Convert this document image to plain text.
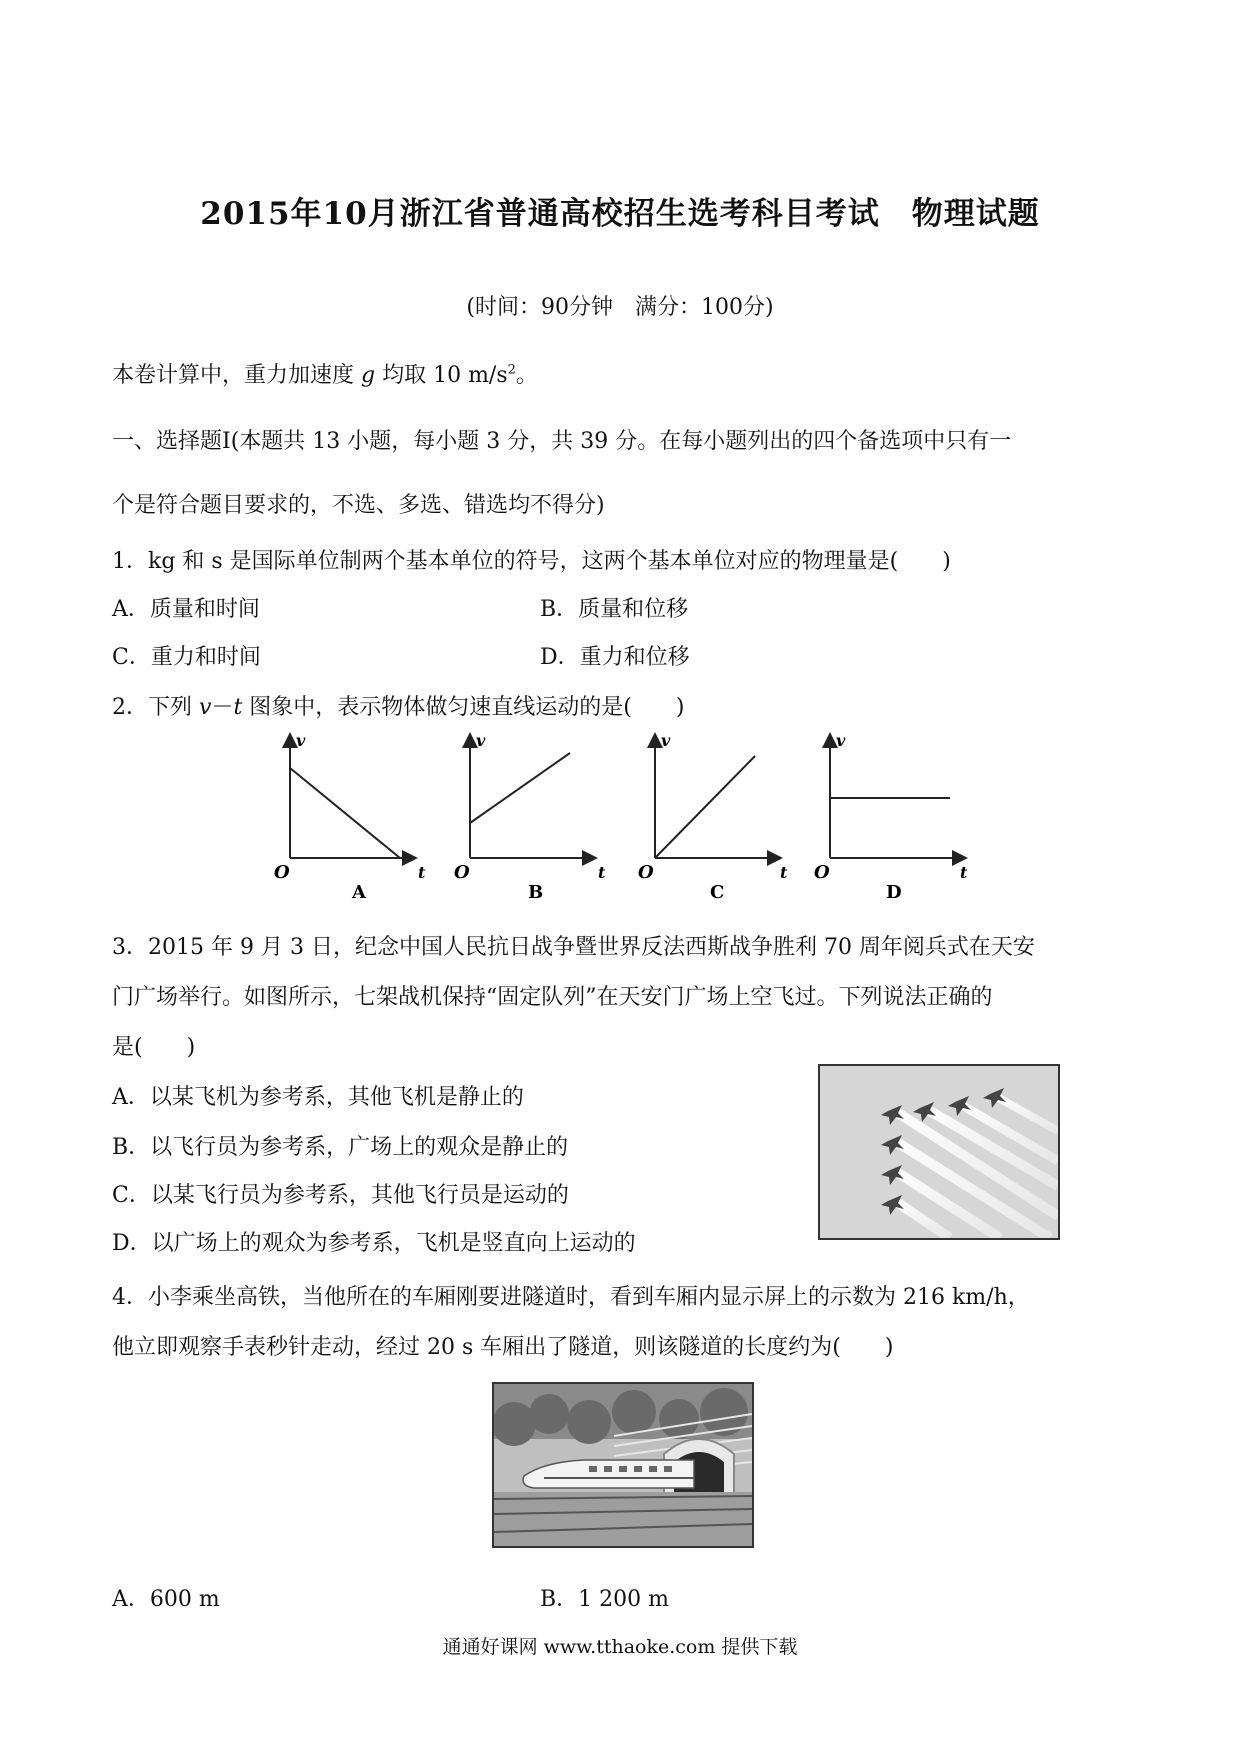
2015年10月浙江省普通高校招生选考科目考试　物理试题
(时间：90分钟　满分：100分)
本卷计算中，重力加速度 g 均取 10 $m/s^2$。
一、选择题Ⅰ(本题共 13 小题，每小题 3 分，共 39 分。在每小题列出的四个备选项中只有一
个是符合题目要求的，不选、多选、错选均不得分)
1．kg 和 s 是国际单位制两个基本单位的符号，这两个基本单位对应的物理量是(　　)
A．质量和时间	B．质量和位移
C．重力和时间	D．重力和位移
2．下列 v－t 图象中，表示物体做匀速直线运动的是(　　)
v
O	t
A
v
O	t
B
v
O	t
C
v
O	t
D
3．2015 年 9 月 3 日，纪念中国人民抗日战争暨世界反法西斯战争胜利 70 周年阅兵式在天安
门广场举行。如图所示，七架战机保持“固定队列”在天安门广场上空飞过。下列说法正确的
是(　　)
A．以某飞机为参考系，其他飞机是静止的
B．以飞行员为参考系，广场上的观众是静止的
C．以某飞行员为参考系，其他飞行员是运动的
D．以广场上的观众为参考系，飞机是竖直向上运动的
4．小李乘坐高铁，当他所在的车厢刚要进隧道时，看到车厢内显示屏上的示数为 216 km/h，
他立即观察手表秒针走动，经过 20 s 车厢出了隧道，则该隧道的长度约为(　　)
A．600 m	B．1 200 m
通通好课网 www.tthaoke.com 提供下载
